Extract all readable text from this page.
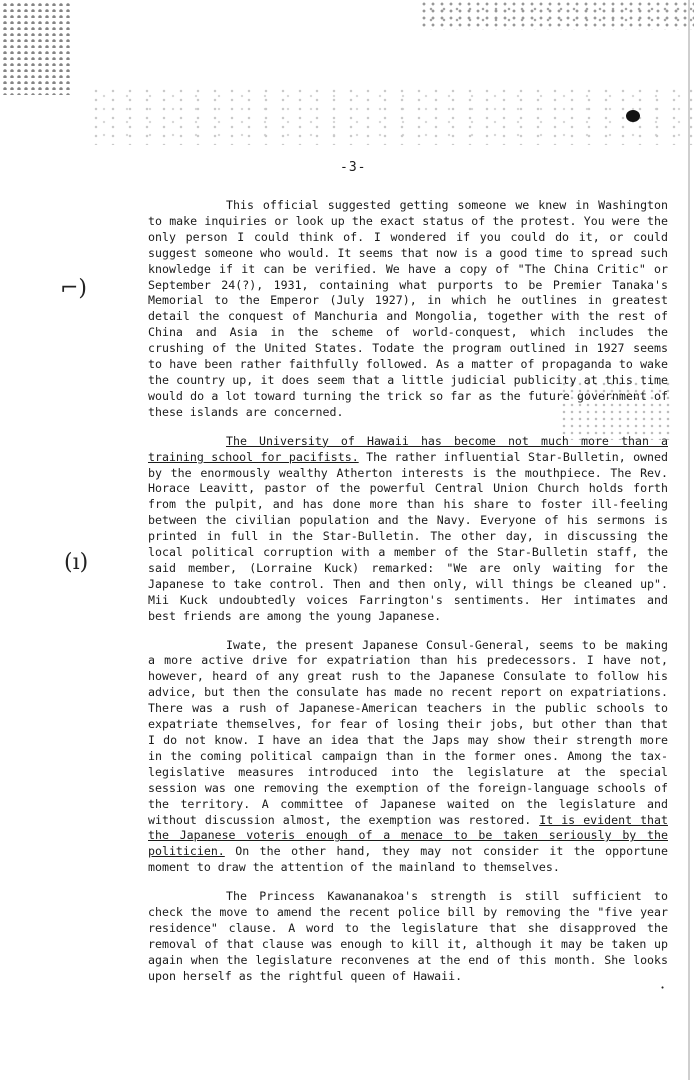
⌐)
(ı)
·
-3-

This official suggested getting someone we knew in Washington to make inquiries or look up the exact status of the protest. You were the only person I could think of. I wondered if you could do it, or could suggest someone who would. It seems that now is a good time to spread such knowledge if it can be verified. We have a copy of "The China Critic" or September 24(?), 1931, containing what purports to be Premier Tanaka's Memorial to the Emperor (July 1927), in which he outlines in greatest detail the conquest of Manchuria and Mongolia, together with the rest of China and Asia in the scheme of world-conquest, which includes the crushing of the United States. Todate the program outlined in 1927 seems to have been rather faithfully followed. As a matter of propaganda to wake the country up, it does seem that a little judicial publicity at this time would do a lot toward turning the trick so far as the future government of these islands are concerned.

The University of Hawaii has become not much more than a training school for pacifists. The rather influential Star-Bulletin, owned by the enormously wealthy Atherton interests is the mouthpiece. The Rev. Horace Leavitt, pastor of the powerful Central Union Church holds forth from the pulpit, and has done more than his share to foster ill-feeling between the civilian population and the Navy. Everyone of his sermons is printed in full in the Star-Bulletin. The other day, in discussing the local political corruption with a member of the Star-Bulletin staff, the said member, (Lorraine Kuck) remarked: "We are only waiting for the Japanese to take control. Then and then only, will things be cleaned up". Mii Kuck undoubtedly voices Farrington's sentiments. Her intimates and best friends are among the young Japanese.

Iwate, the present Japanese Consul-General, seems to be making a more active drive for expatriation than his predecessors. I have not, however, heard of any great rush to the Japanese Consulate to follow his advice, but then the consulate has made no recent report on expatriations. There was a rush of Japanese-American teachers in the public schools to expatriate themselves, for fear of losing their jobs, but other than that I do not know. I have an idea that the Japs may show their strength more in the coming political campaign than in the former ones. Among the tax-legislative measures introduced into the legislature at the special session was one removing the exemption of the foreign-language schools of the territory. A committee of Japanese waited on the legislature and without discussion almost, the exemption was restored. It is evident that the Japanese voteris enough of a menace to be taken seriously by the politicien. On the other hand, they may not consider it the opportune moment to draw the attention of the mainland to themselves.

The Princess Kawananakoa's strength is still sufficient to check the move to amend the recent police bill by removing the "five year residence" clause. A word to the legislature that she disapproved the removal of that clause was enough to kill it, although it may be taken up again when the legislature reconvenes at the end of this month. She looks upon herself as the rightful queen of Hawaii.
